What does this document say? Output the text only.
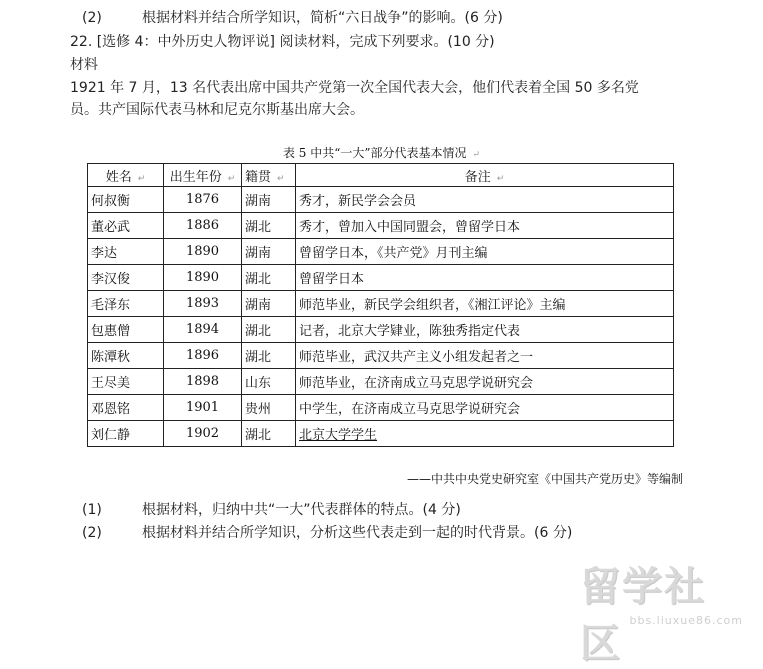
(2)	根据材料并结合所学知识，简析“六日战争”的影响。(6 分)
22. [选修 4：中外历史人物评说] 阅读材料，完成下列要求。(10 分)
材料
1921 年 7 月，13 名代表出席中国共产党第一次全国代表大会，他们代表着全国 50 多名党
员。共产国际代表马林和尼克尔斯基出席大会。
表 5 中共“一大”部分代表基本情况 ↵
姓名 ↵	出生年份 ↵	籍贯 ↵	备注 ↵
何叔衡	1876	湖南	秀才，新民学会会员
董必武	1886	湖北	秀才，曾加入中国同盟会，曾留学日本
李达	1890	湖南	曾留学日本，《共产党》月刊主编
李汉俊	1890	湖北	曾留学日本
毛泽东	1893	湖南	师范毕业，新民学会组织者，《湘江评论》主编
包惠僧	1894	湖北	记者，北京大学肄业，陈独秀指定代表
陈潭秋	1896	湖北	师范毕业，武汉共产主义小组发起者之一
王尽美	1898	山东	师范毕业，在济南成立马克思学说研究会
邓恩铭	1901	贵州	中学生，在济南成立马克思学说研究会
刘仁静	1902	湖北	北京大学学生
——中共中央党史研究室《中国共产党历史》等编制
(1)	根据材料，归纳中共“一大”代表群体的特点。(4 分)
(2)	根据材料并结合所学知识，分析这些代表走到一起的时代背景。(6 分)
留学社区
bbs.liuxue86.com
